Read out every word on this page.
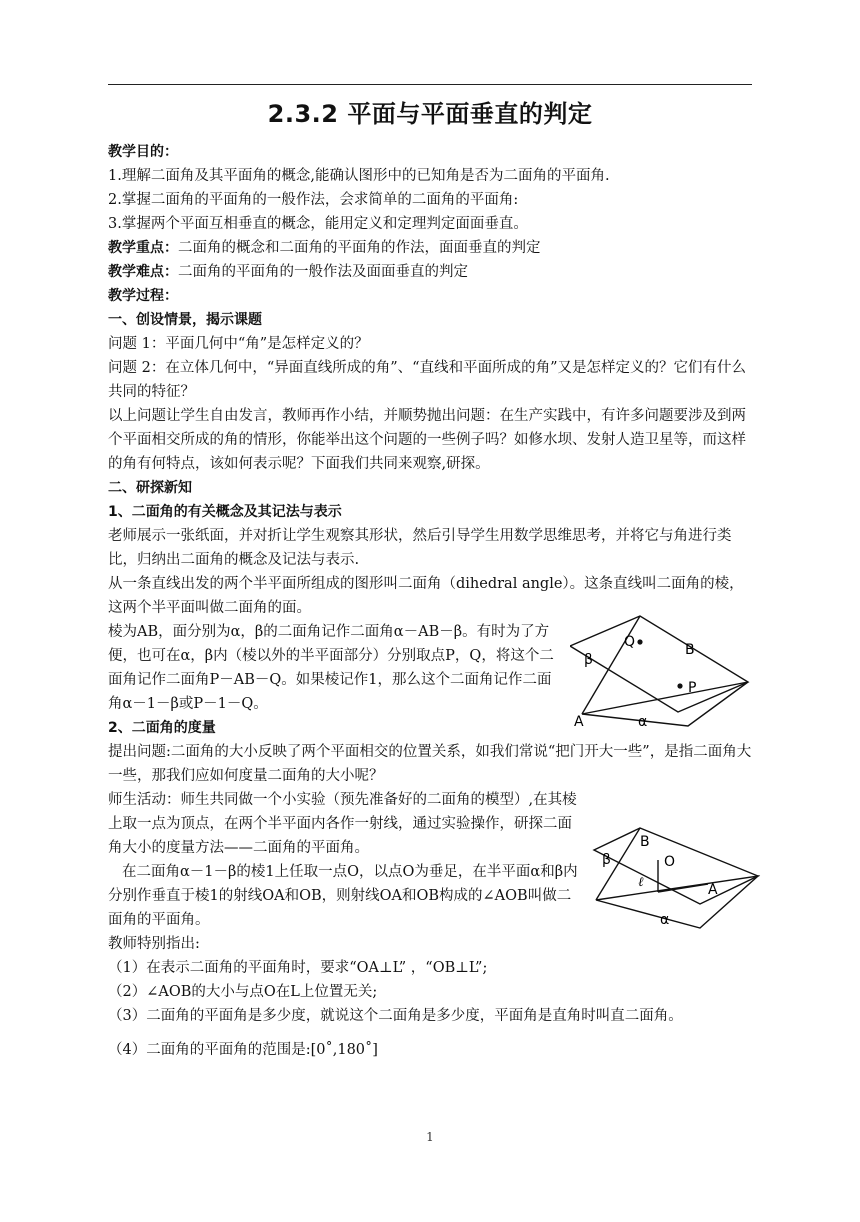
2.3.2 平面与平面垂直的判定

教学目的：

1.理解二面角及其平面角的概念,能确认图形中的已知角是否为二面角的平面角.

2.掌握二面角的平面角的一般作法，会求简单的二面角的平面角:

3.掌握两个平面互相垂直的概念，能用定义和定理判定面面垂直。

教学重点：二面角的概念和二面角的平面角的作法，面面垂直的判定

教学难点：二面角的平面角的一般作法及面面垂直的判定

教学过程：

一、创设情景，揭示课题

问题 1：平面几何中“角”是怎样定义的？

问题 2：在立体几何中，“异面直线所成的角”、“直线和平面所成的角”又是怎样定义的？它们有什么共同的特征？

以上问题让学生自由发言，教师再作小结，并顺势抛出问题：在生产实践中，有许多问题要涉及到两个平面相交所成的角的情形，你能举出这个问题的一些例子吗？如修水坝、发射人造卫星等，而这样的角有何特点，该如何表示呢？下面我们共同来观察,研探。

二、研探新知

1、二面角的有关概念及其记法与表示

老师展示一张纸面，并对折让学生观察其形状，然后引导学生用数学思维思考，并将它与角进行类比，归纳出二面角的概念及记法与表示.

从一条直线出发的两个半平面所组成的图形叫二面角（dihedral angle）。这条直线叫二面角的棱，这两个半平面叫做二面角的面。

棱为AB，面分别为α，β的二面角记作二面角α－AB－β。有时为了方便，也可在α，β内（棱以外的半平面部分）分别取点P，Q，将这个二面角记作二面角P－AB－Q。如果棱记作1，那么这个二面角记作二面角α－1－β或P－1－Q。

2、二面角的度量

提出问题:二面角的大小反映了两个平面相交的位置关系，如我们常说“把门开大一些”，是指二面角大一些，那我们应如何度量二面角的大小呢？

师生活动：师生共同做一个小实验（预先准备好的二面角的模型）,在其棱上取一点为顶点，在两个半平面内各作一射线，通过实验操作，研探二面角大小的度量方法——二面角的平面角。

在二面角α－1－β的棱1上任取一点O，以点O为垂足，在半平面α和β内分别作垂直于棱1的射线OA和OB，则射线OA和OB构成的∠AOB叫做二面角的平面角。

教师特别指出:

（1）在表示二面角的平面角时，要求“OA⊥L” ，“OB⊥L”;

（2）∠AOB的大小与点O在L上位置无关;

（3）二面角的平面角是多少度，就说这个二面角是多少度，平面角是直角时叫直二面角。

（4）二面角的平面角的范围是:[0˚,180˚]

β
Q	B
P
A	α
β
B
O
A
ℓ
α
1
